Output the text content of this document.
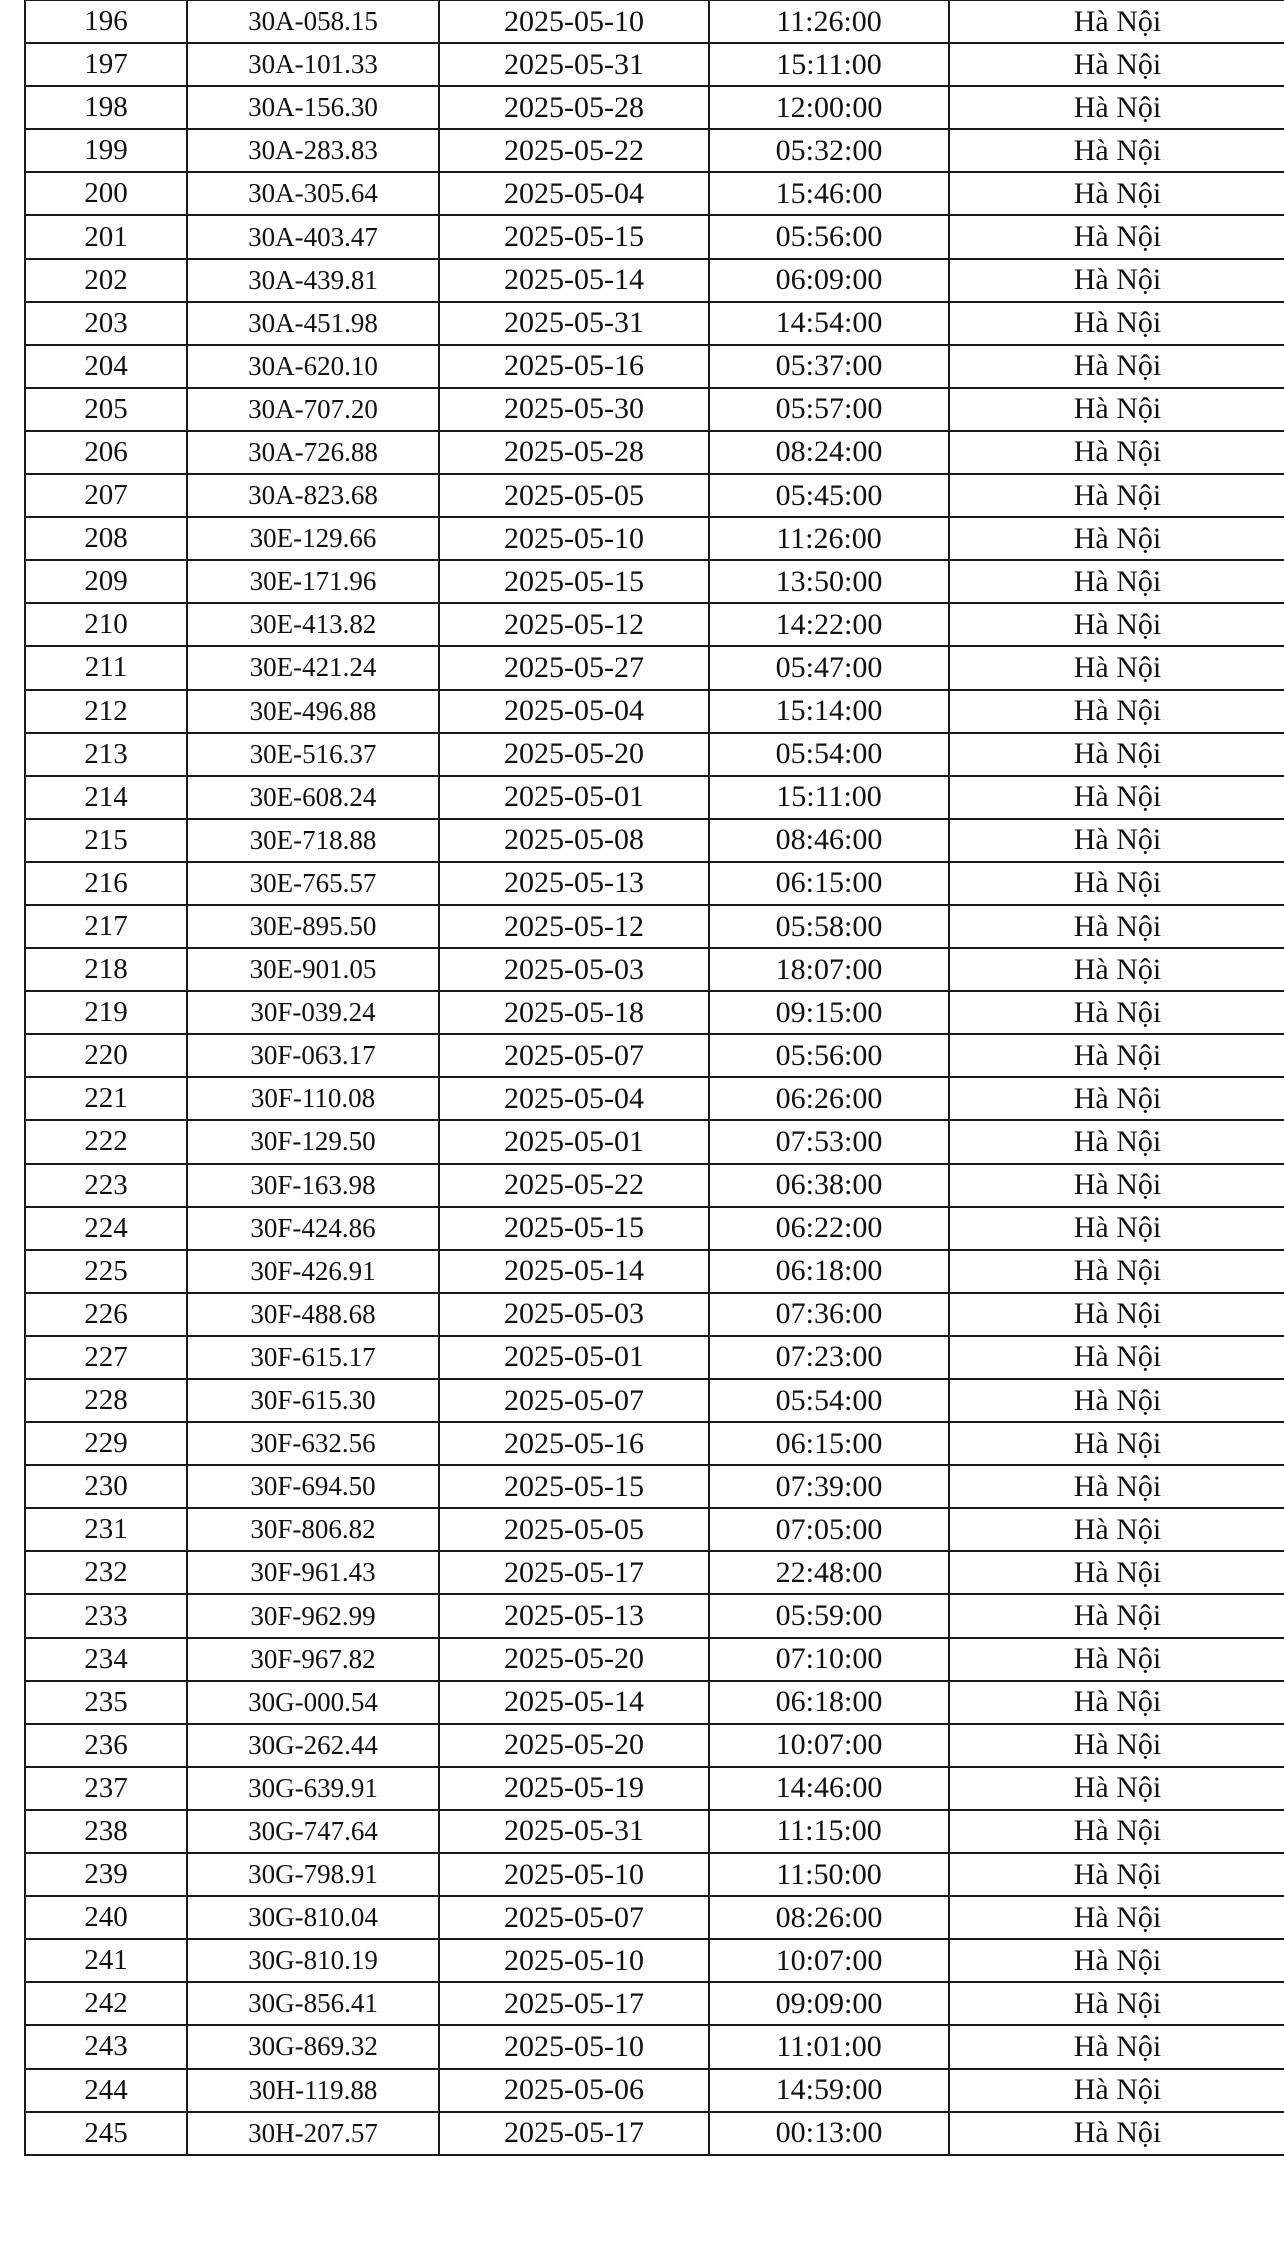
196	30A-058.15	2025-05-10	11:26:00	Hà Nội
197	30A-101.33	2025-05-31	15:11:00	Hà Nội
198	30A-156.30	2025-05-28	12:00:00	Hà Nội
199	30A-283.83	2025-05-22	05:32:00	Hà Nội
200	30A-305.64	2025-05-04	15:46:00	Hà Nội
201	30A-403.47	2025-05-15	05:56:00	Hà Nội
202	30A-439.81	2025-05-14	06:09:00	Hà Nội
203	30A-451.98	2025-05-31	14:54:00	Hà Nội
204	30A-620.10	2025-05-16	05:37:00	Hà Nội
205	30A-707.20	2025-05-30	05:57:00	Hà Nội
206	30A-726.88	2025-05-28	08:24:00	Hà Nội
207	30A-823.68	2025-05-05	05:45:00	Hà Nội
208	30E-129.66	2025-05-10	11:26:00	Hà Nội
209	30E-171.96	2025-05-15	13:50:00	Hà Nội
210	30E-413.82	2025-05-12	14:22:00	Hà Nội
211	30E-421.24	2025-05-27	05:47:00	Hà Nội
212	30E-496.88	2025-05-04	15:14:00	Hà Nội
213	30E-516.37	2025-05-20	05:54:00	Hà Nội
214	30E-608.24	2025-05-01	15:11:00	Hà Nội
215	30E-718.88	2025-05-08	08:46:00	Hà Nội
216	30E-765.57	2025-05-13	06:15:00	Hà Nội
217	30E-895.50	2025-05-12	05:58:00	Hà Nội
218	30E-901.05	2025-05-03	18:07:00	Hà Nội
219	30F-039.24	2025-05-18	09:15:00	Hà Nội
220	30F-063.17	2025-05-07	05:56:00	Hà Nội
221	30F-110.08	2025-05-04	06:26:00	Hà Nội
222	30F-129.50	2025-05-01	07:53:00	Hà Nội
223	30F-163.98	2025-05-22	06:38:00	Hà Nội
224	30F-424.86	2025-05-15	06:22:00	Hà Nội
225	30F-426.91	2025-05-14	06:18:00	Hà Nội
226	30F-488.68	2025-05-03	07:36:00	Hà Nội
227	30F-615.17	2025-05-01	07:23:00	Hà Nội
228	30F-615.30	2025-05-07	05:54:00	Hà Nội
229	30F-632.56	2025-05-16	06:15:00	Hà Nội
230	30F-694.50	2025-05-15	07:39:00	Hà Nội
231	30F-806.82	2025-05-05	07:05:00	Hà Nội
232	30F-961.43	2025-05-17	22:48:00	Hà Nội
233	30F-962.99	2025-05-13	05:59:00	Hà Nội
234	30F-967.82	2025-05-20	07:10:00	Hà Nội
235	30G-000.54	2025-05-14	06:18:00	Hà Nội
236	30G-262.44	2025-05-20	10:07:00	Hà Nội
237	30G-639.91	2025-05-19	14:46:00	Hà Nội
238	30G-747.64	2025-05-31	11:15:00	Hà Nội
239	30G-798.91	2025-05-10	11:50:00	Hà Nội
240	30G-810.04	2025-05-07	08:26:00	Hà Nội
241	30G-810.19	2025-05-10	10:07:00	Hà Nội
242	30G-856.41	2025-05-17	09:09:00	Hà Nội
243	30G-869.32	2025-05-10	11:01:00	Hà Nội
244	30H-119.88	2025-05-06	14:59:00	Hà Nội
245	30H-207.57	2025-05-17	00:13:00	Hà Nội
